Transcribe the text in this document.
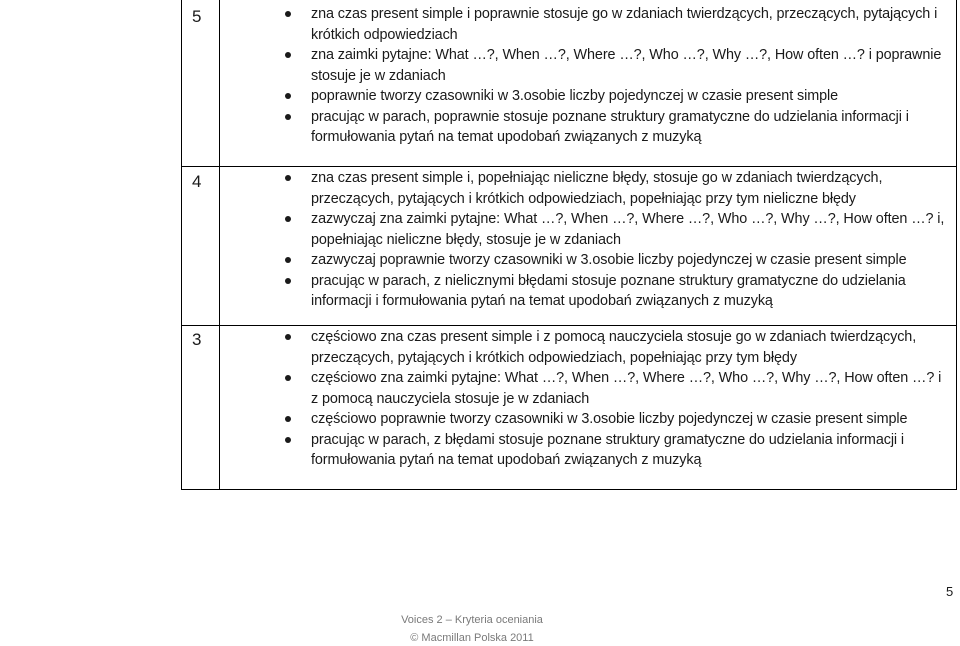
5	zna czas present simple i poprawnie stosuje go w zdaniach twierdzących, przeczących, pytających i krótkich odpowiedziach
zna zaimki pytajne: What …?, When …?, Where …?, Who …?, Why …?, How often …? i poprawnie stosuje je w zdaniach
poprawnie tworzy czasowniki w 3.osobie liczby pojedynczej w czasie present simple
pracując w parach, poprawnie stosuje poznane struktury gramatyczne do udzielania informacji i formułowania pytań na temat upodobań związanych z muzyką
4	zna czas present simple i, popełniając nieliczne błędy, stosuje go w zdaniach twierdzących, przeczących, pytających i krótkich odpowiedziach, popełniając przy tym nieliczne błędy
zazwyczaj zna zaimki pytajne: What …?, When …?, Where …?, Who …?, Why …?, How often …? i, popełniając nieliczne błędy, stosuje je w zdaniach
zazwyczaj poprawnie tworzy czasowniki w 3.osobie liczby pojedynczej w czasie present simple
pracując w parach, z nielicznymi błędami stosuje poznane struktury gramatyczne do udzielania informacji i formułowania pytań na temat upodobań związanych z muzyką
3	częściowo zna czas present simple i z pomocą nauczyciela stosuje go w zdaniach twierdzących, przeczących, pytających i krótkich odpowiedziach, popełniając przy tym błędy
częściowo zna zaimki pytajne: What …?, When …?, Where …?, Who …?, Why …?, How often …? i z pomocą nauczyciela stosuje je w zdaniach
częściowo poprawnie tworzy czasowniki w 3.osobie liczby pojedynczej w czasie present simple
pracując w parach, z błędami stosuje poznane struktury gramatyczne do udzielania informacji i formułowania pytań na temat upodobań związanych z muzyką
5
Voices 2 – Kryteria oceniania
© Macmillan Polska 2011
